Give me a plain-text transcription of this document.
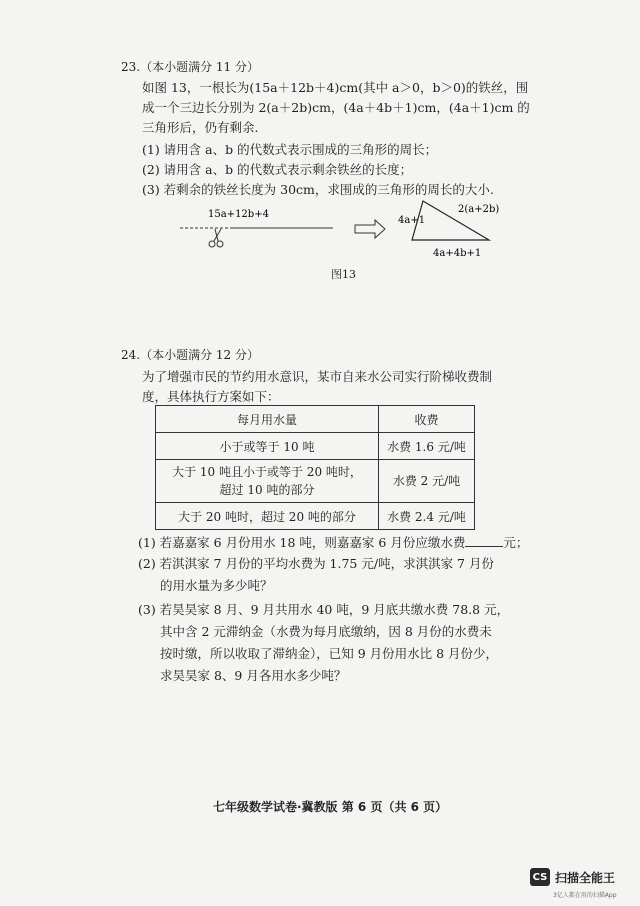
23.（本小题满分 11 分）
如图 13，一根长为(15a＋12b＋4)cm(其中 a＞0，b＞0)的铁丝，围
成一个三边长分别为 2(a＋2b)cm，(4a＋4b＋1)cm，(4a＋1)cm 的
三角形后，仍有剩余.
(1) 请用含 a、b 的代数式表示围成的三角形的周长；
(2) 请用含 a、b 的代数式表示剩余铁丝的长度；
(3) 若剩余的铁丝长度为 30cm，求围成的三角形的周长的大小.
15a+12b+4
4a+1
2(a+2b)
4a+4b+1
图13
24.（本小题满分 12 分）
为了增强市民的节约用水意识，某市自来水公司实行阶梯收费制
度，具体执行方案如下：
每月用水量	收费
小于或等于 10 吨	水费 1.6 元/吨

大于 10 吨且小于或等于 20 吨时，
超过 10 吨的部分	水费 2 元/吨
大于 20 吨时，超过 20 吨的部分	水费 2.4 元/吨
(1) 若嘉嘉家 6 月份用水 18 吨，则嘉嘉家 6 月份应缴水费	元；
(2) 若淇淇家 7 月份的平均水费为 1.75 元/吨，求淇淇家 7 月份
的用水量为多少吨？
(3) 若昊昊家 8 月、9 月共用水 40 吨，9 月底共缴水费 78.8 元，
其中含 2 元滞纳金（水费为每月底缴纳，因 8 月份的水费未
按时缴，所以收取了滞纳金），已知 9 月份用水比 8 月份少，
求昊昊家 8、9 月各用水多少吨？
七年级数学试卷·冀教版 第 6 页（共 6 页）
CS 扫描全能王
3亿人都在用的扫描App
